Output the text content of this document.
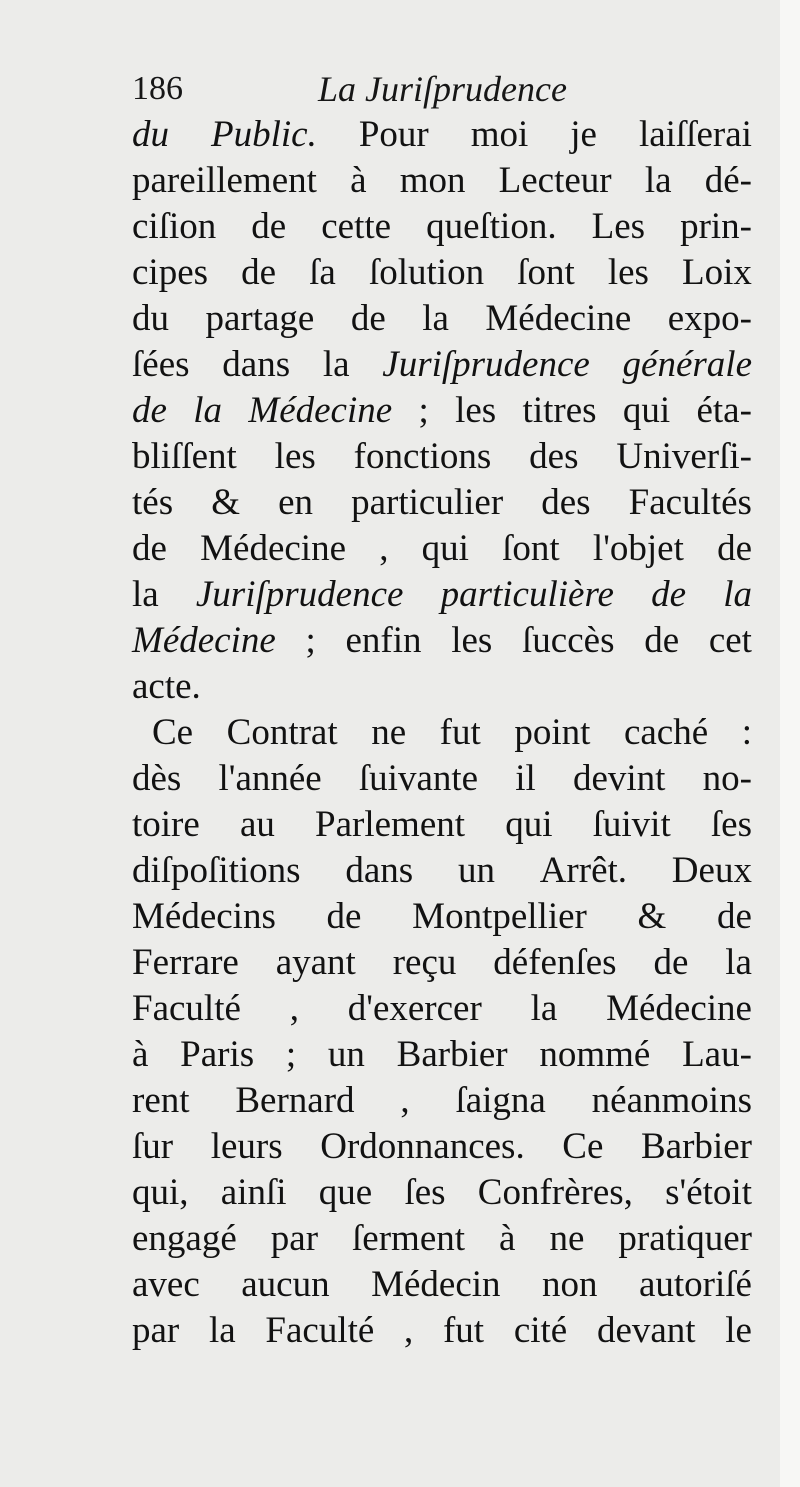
186	La Juriſprudence
du Public. Pour moi je laiſſerai
pareillement à mon Lecteur la dé-
ciſion de cette queſtion. Les prin-
cipes de ſa ſolution ſont les Loix
du partage de la Médecine expo-
ſées dans la Juriſprudence générale
de la Médecine ; les titres qui éta-
bliſſent les fonctions des Univerſi-
tés & en particulier des Facultés
de Médecine , qui ſont l'objet de
la Juriſprudence particulière de la
Médecine ; enfin les ſuccès de cet
acte.
Ce Contrat ne fut point caché :
dès l'année ſuivante il devint no-
toire au Parlement qui ſuivit ſes
diſpoſitions dans un Arrêt. Deux
Médecins de Montpellier & de
Ferrare ayant reçu défenſes de la
Faculté , d'exercer la Médecine
à Paris ; un Barbier nommé Lau-
rent Bernard , ſaigna néanmoins
ſur leurs Ordonnances. Ce Barbier
qui, ainſi que ſes Confrères, s'étoit
engagé par ſerment à ne pratiquer
avec aucun Médecin non autoriſé
par la Faculté , fut cité devant le
